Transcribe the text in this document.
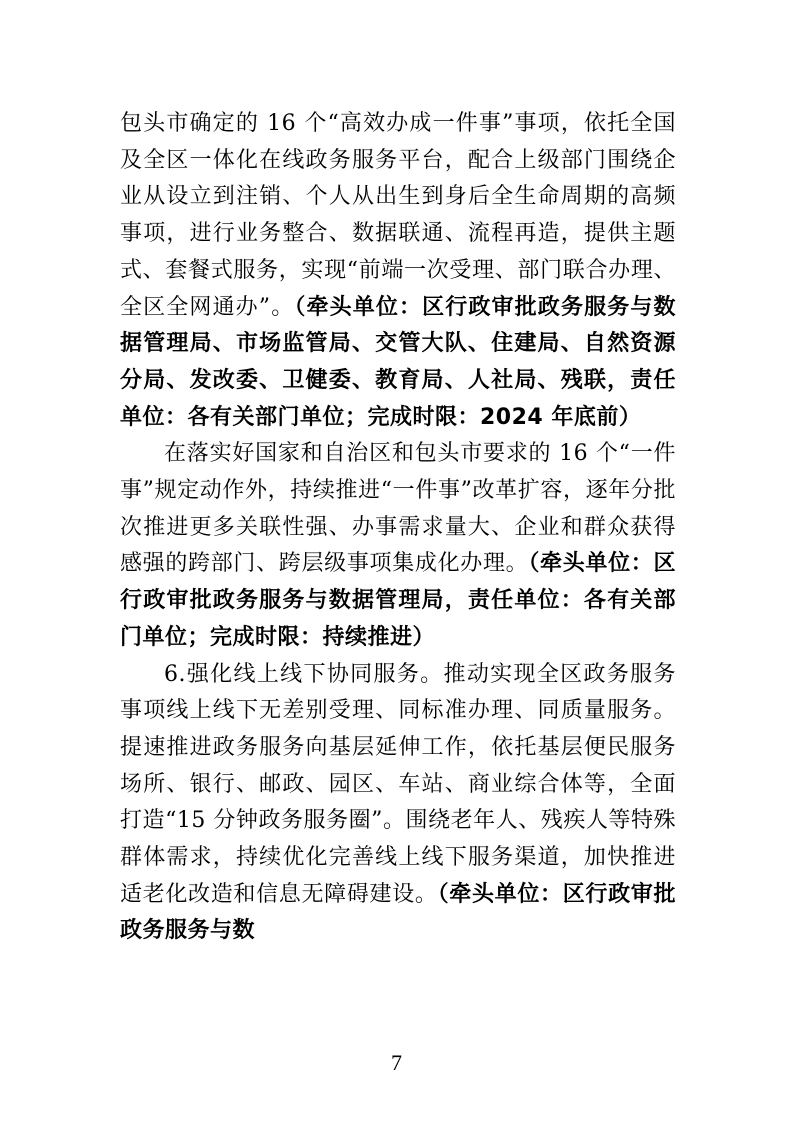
包头市确定的 16 个“高效办成一件事”事项，依托全国及全区一体化在线政务服务平台，配合上级部门围绕企业从设立到注销、个人从出生到身后全生命周期的高频事项，进行业务整合、数据联通、流程再造，提供主题式、套餐式服务，实现“前端一次受理、部门联合办理、全区全网通办”。（牵头单位：区行政审批政务服务与数据管理局、市场监管局、交管大队、住建局、自然资源分局、发改委、卫健委、教育局、人社局、残联，责任单位：各有关部门单位；完成时限：2024 年底前）

在落实好国家和自治区和包头市要求的 16 个“一件事”规定动作外，持续推进“一件事”改革扩容，逐年分批次推进更多关联性强、办事需求量大、企业和群众获得感强的跨部门、跨层级事项集成化办理。（牵头单位：区行政审批政务服务与数据管理局，责任单位：各有关部门单位；完成时限：持续推进）

6.强化线上线下协同服务。推动实现全区政务服务事项线上线下无差别受理、同标准办理、同质量服务。提速推进政务服务向基层延伸工作，依托基层便民服务场所、银行、邮政、园区、车站、商业综合体等，全面打造“15 分钟政务服务圈”。围绕老年人、残疾人等特殊群体需求，持续优化完善线上线下服务渠道，加快推进适老化改造和信息无障碍建设。（牵头单位：区行政审批政务服务与数

7
